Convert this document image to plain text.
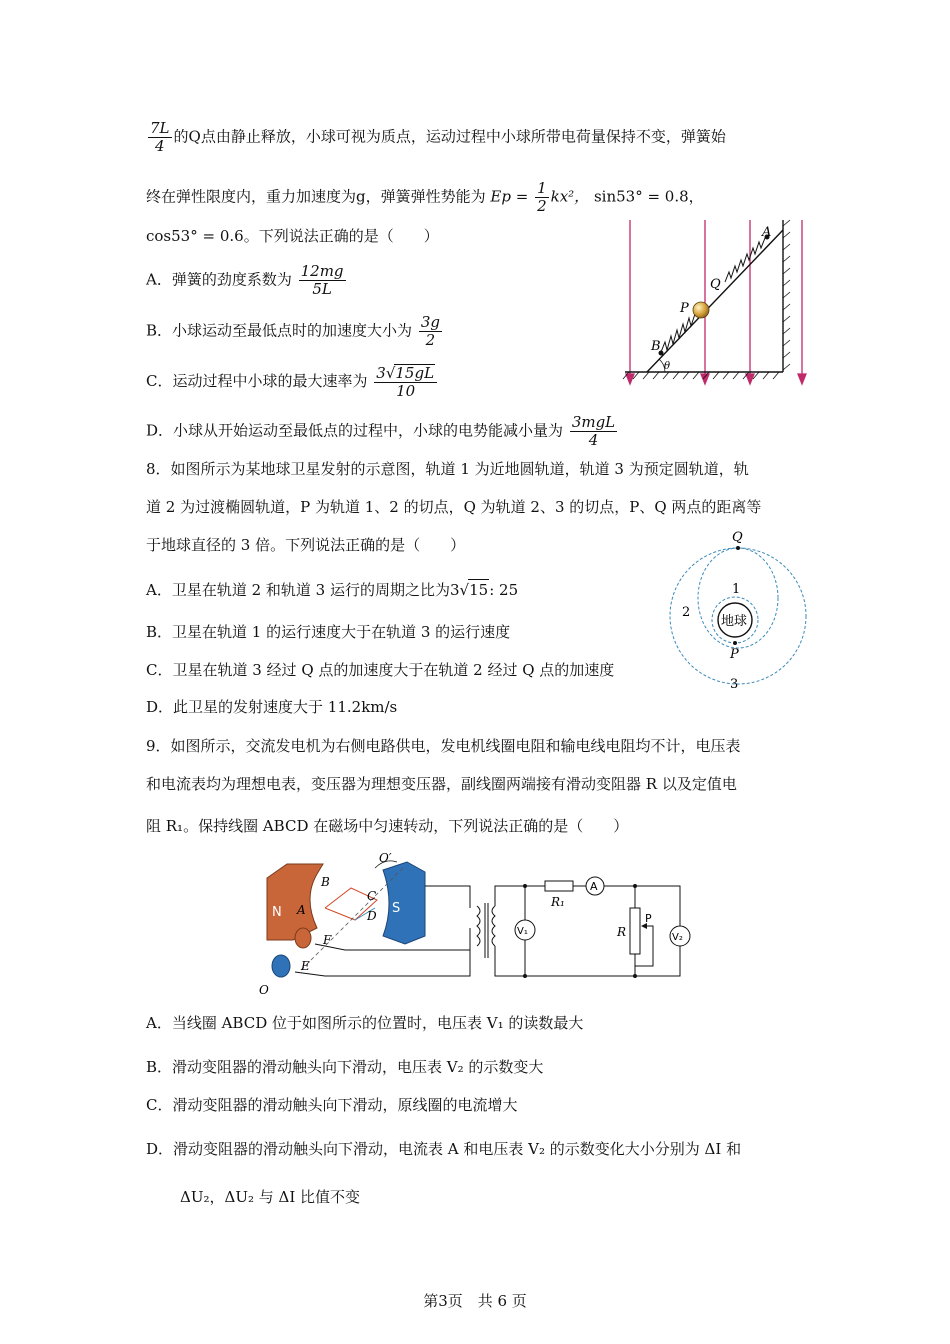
$\frac{7L}{4}$ 的Q点由静止释放，小球可视为质点，运动过程中小球所带电荷量保持不变，弹簧始
终在弹性限度内，重力加速度为g，弹簧弹性势能为 $Ep = \frac{1}{2} kx^2$， sin53° = 0.8，
cos53° = 0.6。下列说法正确的是（　　）
A．弹簧的劲度系数为 $\frac{12mg}{5L}$
B．小球运动至最低点时的加速度大小为 $\frac{3g}{2}$
C．运动过程中小球的最大速率为 $\frac{3√15gL}{10}$
D．小球从开始运动至最低点的过程中，小球的电势能减小量为 $\frac{\text{3mgL}}{4}$
θ
A
Q
P
B
8．如图所示为某地球卫星发射的示意图，轨道 1 为近地圆轨道，轨道 3 为预定圆轨道，轨
道 2 为过渡椭圆轨道，P 为轨道 1、2 的切点，Q 为轨道 2、3 的切点，P、Q 两点的距离等
于地球直径的 3 倍。下列说法正确的是（　　）
A．卫星在轨道 2 和轨道 3 运行的周期之比为3√15: 25
B．卫星在轨道 1 的运行速度大于在轨道 3 的运行速度
C．卫星在轨道 3 经过 Q 点的加速度大于在轨道 2 经过 Q 点的加速度
D．此卫星的发射速度大于 11.2km/s
地球
Q
P
1
2
3
9．如图所示，交流发电机为右侧电路供电，发电机线圈电阻和输电线电阻均不计，电压表
和电流表均为理想电表，变压器为理想变压器，副线圈两端接有滑动变阻器 R 以及定值电
阻 R₁。保持线圈 ABCD 在磁场中匀速转动，下列说法正确的是（　　）
N	S	R₁
A
V₁	R
P
V₂
B
A
C
D
F
E
O
O′
A．当线圈 ABCD 位于如图所示的位置时，电压表 V₁ 的读数最大
B．滑动变阻器的滑动触头向下滑动，电压表 V₂ 的示数变大
C．滑动变阻器的滑动触头向下滑动，原线圈的电流增大
D．滑动变阻器的滑动触头向下滑动，电流表 A 和电压表 V₂ 的示数变化大小分别为 ΔI 和
ΔU₂，ΔU₂ 与 ΔI 比值不变
第3页　共 6 页
